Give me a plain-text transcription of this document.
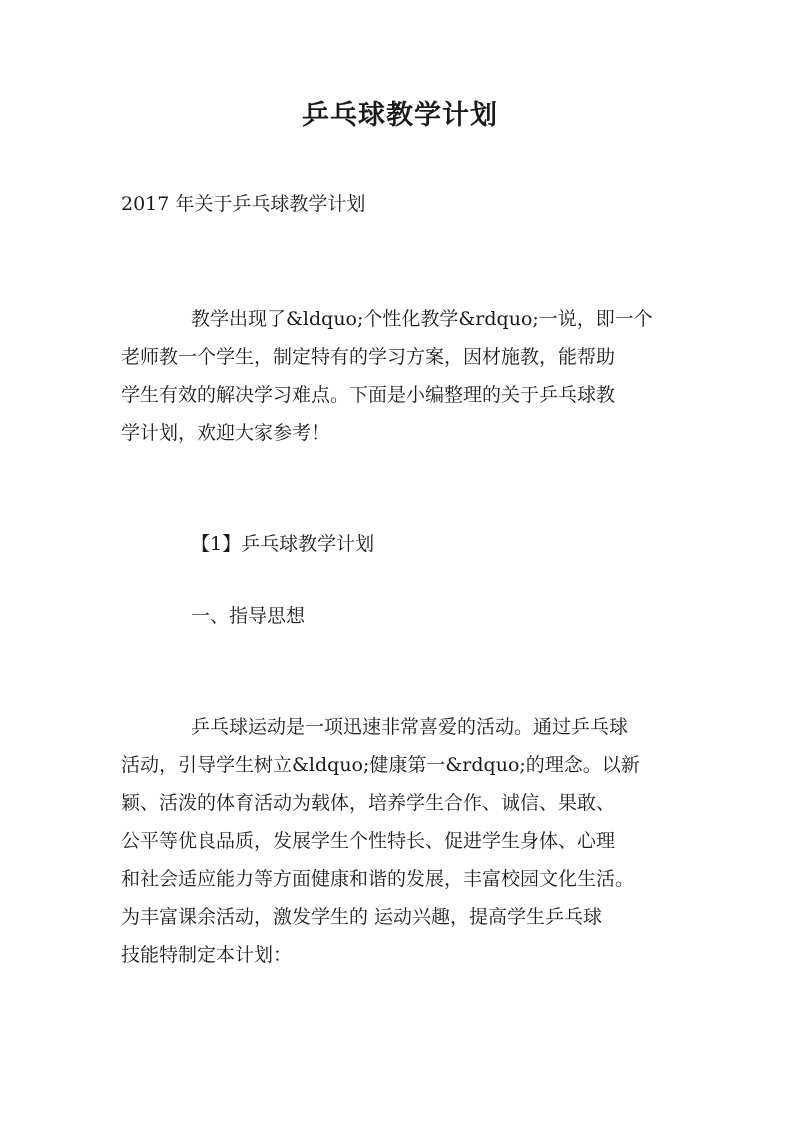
乒乓球教学计划

2017 年关于乒乓球教学计划

教学出现了&ldquo;个性化教学&rdquo;一说，即一个
老师教一个学生，制定特有的学习方案，因材施教，能帮助
学生有效的解决学习难点。下面是小编整理的关于乒乓球教
学计划，欢迎大家参考！

【1】乒乓球教学计划

一、指导思想

乒乓球运动是一项迅速非常喜爱的活动。通过乒乓球
活动，引导学生树立&ldquo;健康第一&rdquo;的理念。以新
颖、活泼的体育活动为载体，培养学生合作、诚信、果敢、
公平等优良品质，发展学生个性特长、促进学生身体、心理
和社会适应能力等方面健康和谐的发展，丰富校园文化生活。
为丰富课余活动，激发学生的 运动兴趣，提高学生乒乓球
技能特制定本计划：
